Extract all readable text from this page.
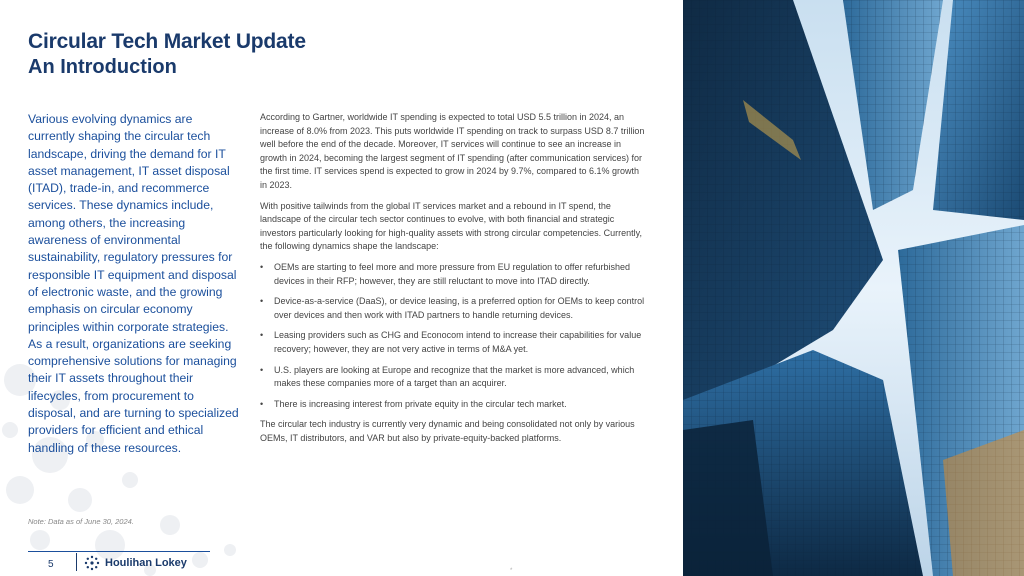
Circular Tech Market Update
An Introduction

Various evolving dynamics are currently shaping the circular tech landscape, driving the demand for IT asset management, IT asset disposal (ITAD), trade-in, and recommerce services. These dynamics include, among others, the increasing awareness of environmental sustainability, regulatory pressures for responsible IT equipment and disposal of electronic waste, and the growing emphasis on circular economy principles within corporate strategies. As a result, organizations are seeking comprehensive solutions for managing their IT assets throughout their lifecycles, from procurement to disposal, and are turning to specialized providers for efficient and ethical handling of these resources.

According to Gartner, worldwide IT spending is expected to total USD 5.5 trillion in 2024, an increase of 8.0% from 2023. This puts worldwide IT spending on track to surpass USD 8.7 trillion well before the end of the decade. Moreover, IT services will continue to see an increase in growth in 2024, becoming the largest segment of IT spending (after communication services) for the first time. IT services spend is expected to grow in 2024 by 9.7%, compared to 6.1% growth in 2023.

With positive tailwinds from the global IT services market and a rebound in IT spend, the landscape of the circular tech sector continues to evolve, with both financial and strategic investors particularly looking for high-quality assets with strong circular competencies. Currently, the following dynamics shape the landscape:

• OEMs are starting to feel more and more pressure from EU regulation to offer refurbished devices in their RFP; however, they are still reluctant to move into ITAD directly.
• Device-as-a-service (DaaS), or device leasing, is a preferred option for OEMs to keep control over devices and then work with ITAD partners to handle returning devices.
• Leasing providers such as CHG and Econocom intend to increase their capabilities for value recovery; however, they are not very active in terms of M&A yet.
• U.S. players are looking at Europe and recognize that the market is more advanced, which makes these companies more of a target than an acquirer.
• There is increasing interest from private equity in the circular tech market.

The circular tech industry is currently very dynamic and being consolidated not only by various OEMs, IT distributors, and VAR but also by private-equity-backed platforms.

Note: Data as of June 30, 2024.

5	Houlihan Lokey
*
